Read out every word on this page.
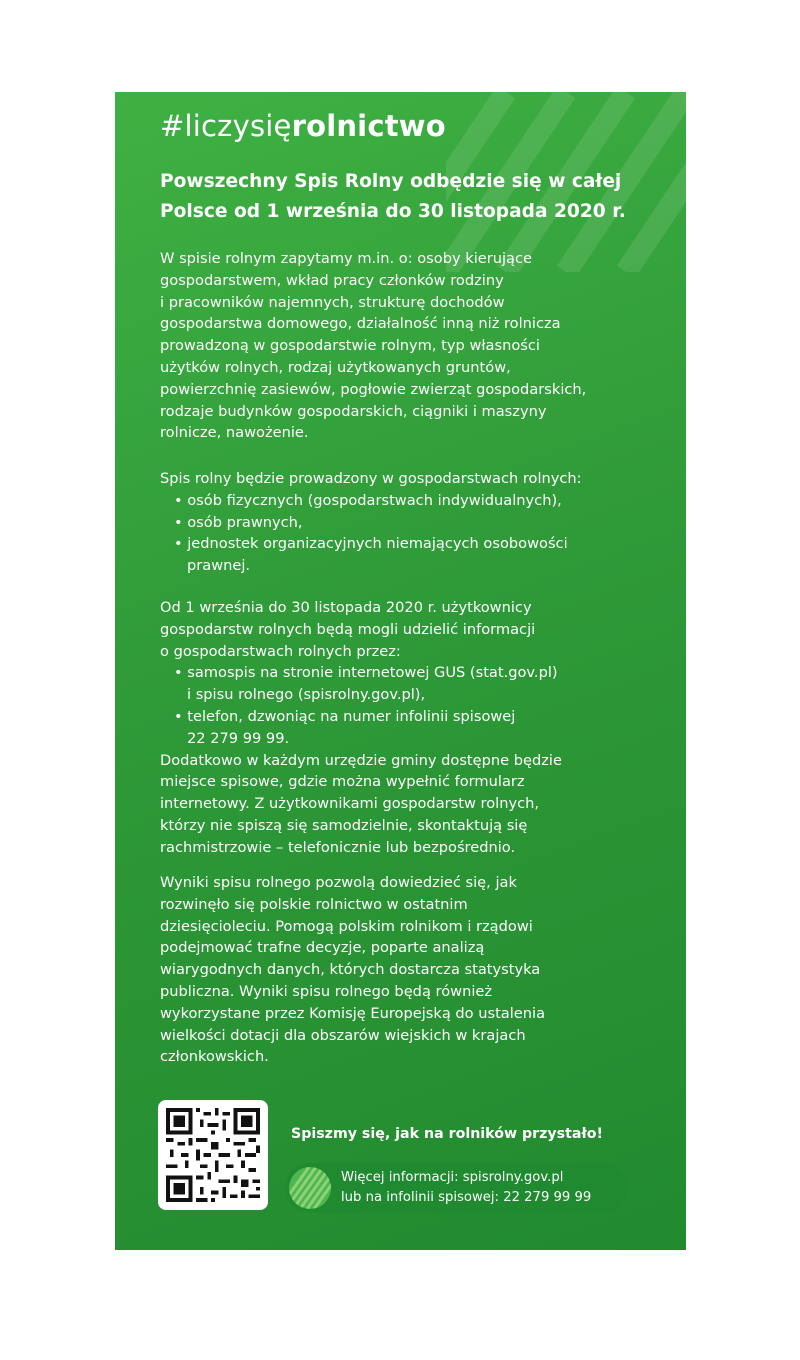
#liczysięrolnictwo
Powszechny Spis Rolny odbędzie się w całej
Polsce od 1 września do 30 listopada 2020 r.
W spisie rolnym zapytamy m.in. o: osoby kierujące
gospodarstwem, wkład pracy członków rodziny
i pracowników najemnych, strukturę dochodów
gospodarstwa domowego, działalność inną niż rolnicza
prowadzoną w gospodarstwie rolnym, typ własności
użytków rolnych, rodzaj użytkowanych gruntów,
powierzchnię zasiewów, pogłowie zwierząt gospodarskich,
rodzaje budynków gospodarskich, ciągniki i maszyny
rolnicze, nawożenie.
Spis rolny będzie prowadzony w gospodarstwach rolnych:
• osób fizycznych (gospodarstwach indywidualnych),
• osób prawnych,
• jednostek organizacyjnych niemających osobowości
prawnej.
Od 1 września do 30 listopada 2020 r. użytkownicy
gospodarstw rolnych będą mogli udzielić informacji
o gospodarstwach rolnych przez:
• samospis na stronie internetowej GUS (stat.gov.pl)
i spisu rolnego (spisrolny.gov.pl),
• telefon, dzwoniąc na numer infolinii spisowej
22 279 99 99.
Dodatkowo w każdym urzędzie gminy dostępne będzie
miejsce spisowe, gdzie można wypełnić formularz
internetowy. Z użytkownikami gospodarstw rolnych,
którzy nie spiszą się samodzielnie, skontaktują się
rachmistrzowie – telefonicznie lub bezpośrednio.
Wyniki spisu rolnego pozwolą dowiedzieć się, jak
rozwinęło się polskie rolnictwo w ostatnim
dziesięcioleciu. Pomogą polskim rolnikom i rządowi
podejmować trafne decyzje, poparte analizą
wiarygodnych danych, których dostarcza statystyka
publiczna. Wyniki spisu rolnego będą również
wykorzystane przez Komisję Europejską do ustalenia
wielkości dotacji dla obszarów wiejskich w krajach
członkowskich.
Spiszmy się, jak na rolników przystało!
Więcej informacji: spisrolny.gov.pl
lub na infolinii spisowej: 22 279 99 99
